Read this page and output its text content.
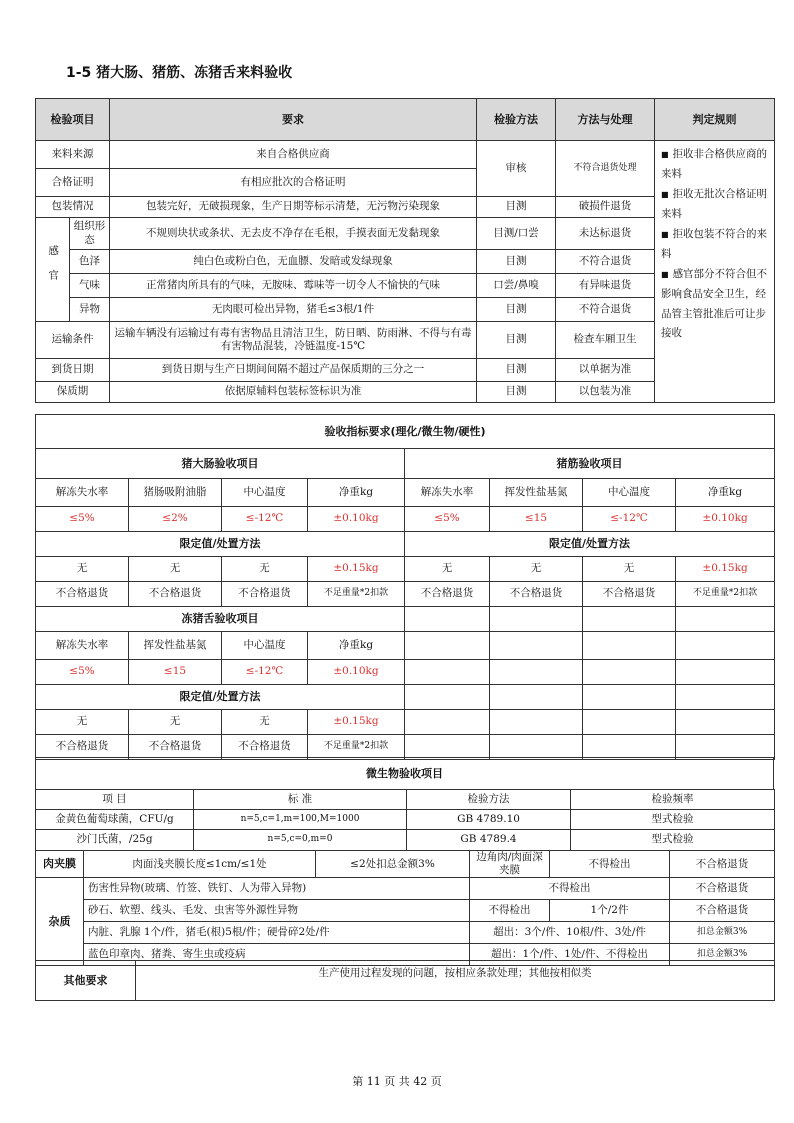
1-5 猪大肠、猪筋、冻猪舌来料验收
检验项目		要求	检验方法	方法与处理	判定规则
来料来源		来自合格供应商	审核	不符合退货处理	■ 拒收非合格供应商的来料
■ 拒收无批次合格证明来料
■ 拒收包装不符合的来料
■ 感官部分不符合但不影响食品安全卫生，经品管主管批准后可让步接收

合格证明		有相应批次的合格证明			
包装情况		包装完好，无破损现象，生产日期等标示清楚，无污物污染现象	目测	破损件退货	
感官	组织形态	不规则块状或条状、无去皮不净存在毛根，手摸表面无发黏现象	目测/口尝	未达标退货	
	色泽	纯白色或粉白色，无血膘、发暗或发绿现象	目测	不符合退货	
	气味	正常猪肉所具有的气味，无胺味、霉味等一切令人不愉快的气味	口尝/鼻嗅	有异味退货	
	异物	无肉眼可检出异物，猪毛≤3根/1件	目测	不符合退货	
运输条件		运输车辆没有运输过有毒有害物品且清洁卫生，防日晒、防雨淋、不得与有毒有害物品混装，冷链温度-15℃	目测	检查车厢卫生	
到货日期		到货日期与生产日期间间隔不超过产品保质期的三分之一	目测	以单据为准	
保质期		依据原辅料包装标签标识为准	目测	以包装为准	
验收指标要求(理化/微生物/硬性)							
猪大肠验收项目				猪筋验收项目			
解冻失水率	猪肠吸附油脂	中心温度	净重kg	解冻失水率	挥发性盐基氮	中心温度	净重kg
≤5%	≤2%	≤-12℃	±0.10kg	≤5%	≤15	≤-12℃	±0.10kg
限定值/处置方法				限定值/处置方法			
无	无	无	±0.15kg	无	无	无	±0.15kg
不合格退货	不合格退货	不合格退货	不足重量*2扣款	不合格退货	不合格退货	不合格退货	不足重量*2扣款
冻猪舌验收项目							
解冻失水率	挥发性盐基氮	中心温度	净重kg				
≤5%	≤15	≤-12℃	±0.10kg				
限定值/处置方法							
无	无	无	±0.15kg				
不合格退货	不合格退货	不合格退货	不足重量*2扣款				
微生物验收项目
项 目	标 准	检验方法	检验频率
金黄色葡萄球菌，CFU/g	n=5,c=1,m=100,M=1000	GB 4789.10	型式检验
沙门氏菌，/25g	n=5,c=0,m=0	GB 4789.4	型式检验
肉夹膜	肉面浅夹膜长度≤1cm/≤1处	≤2处扣总金额3%	边角肉/肉面深夹膜	不得检出	不合格退货
杂质	伤害性异物(玻璃、竹签、铁钉、人为带入异物)		不得检出		不合格退货
	砂石、软塑、线头、毛发、虫害等外源性异物		不得检出	1个/2件	不合格退货
	内脏、乳腺 1个/件，猪毛(根)5根/件；硬骨碎2处/件		超出：3个/件、10根/件、3处/件		扣总金额3%
	蓝色印章肉、猪粪、寄生虫或疫病		超出：1个/件、1处/件、不得检出		扣总金额3%
其他要求	生产使用过程发现的问题，按相应条款处理；其他按相似类
第 11 页 共 42 页
